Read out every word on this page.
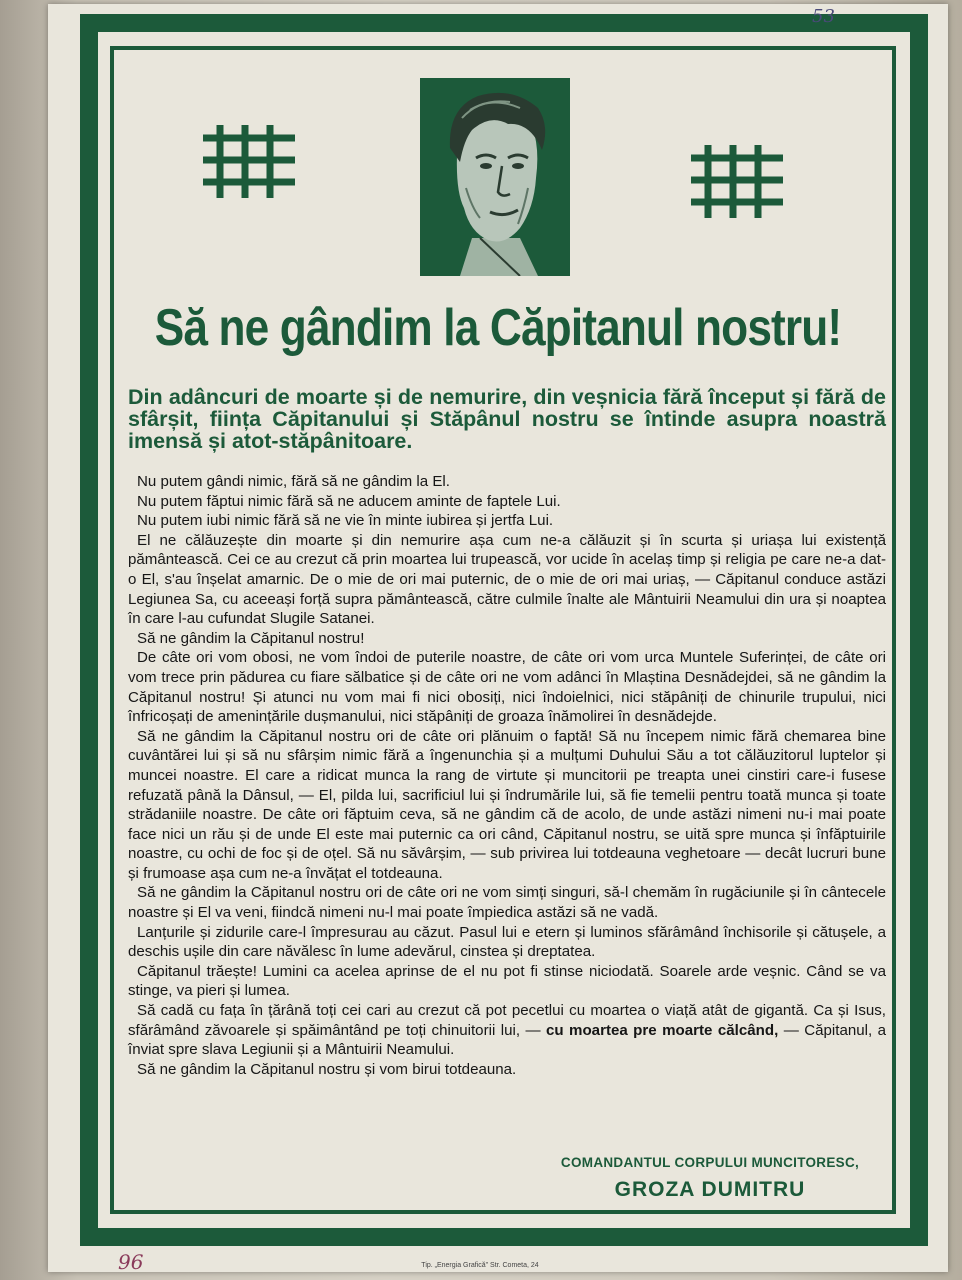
53
Să ne gândim la Căpitanul nostru!
Din adâncuri de moarte și de nemurire, din veșnicia fără început și fără de sfârșit, ființa Căpitanului și Stăpânul nostru se întinde asupra noastră imensă și atot-stăpânitoare.

Nu putem gândi nimic, fără să ne gândim la El.

Nu putem făptui nimic fără să ne aducem aminte de faptele Lui.

Nu putem iubi nimic fără să ne vie în minte iubirea și jertfa Lui.

El ne călăuzește din moarte și din nemurire așa cum ne-a călăuzit și în scurta și uriașa lui existență pământească. Cei ce au crezut că prin moartea lui trupească, vor ucide în acelaș timp și religia pe care ne-a dat-o El, s'au înșelat amarnic. De o mie de ori mai puternic, de o mie de ori mai uriaș, — Căpitanul conduce astăzi Legiunea Sa, cu aceeași forță supra pământească, către culmile înalte ale Mântuirii Neamului din ura și noaptea în care l-au cufundat Slugile Satanei.

Să ne gândim la Căpitanul nostru!

De câte ori vom obosi, ne vom îndoi de puterile noastre, de câte ori vom urca Muntele Suferinței, de câte ori vom trece prin pădurea cu fiare sălbatice și de câte ori ne vom adânci în Mlaștina Desnădejdei, să ne gândim la Căpitanul nostru! Și atunci nu vom mai fi nici obosiți, nici îndoielnici, nici stăpâniți de chinurile trupului, nici înfricoșați de amenințările dușmanului, nici stăpâniți de groaza înămolirei în desnădejde.

Să ne gândim la Căpitanul nostru ori de câte ori plănuim o faptă! Să nu începem nimic fără chemarea bine cuvântărei lui și să nu sfârșim nimic fără a îngenunchia și a mulțumi Duhului Său a tot călăuzitorul luptelor și muncei noastre. El care a ridicat munca la rang de virtute și muncitorii pe treapta unei cinstiri care-i fusese refuzată până la Dânsul, — El, pilda lui, sacrificiul lui și îndrumările lui, să fie temelii pentru toată munca și toate strădaniile noastre. De câte ori făptuim ceva, să ne gândim că de acolo, de unde astăzi nimeni nu-i mai poate face nici un rău și de unde El este mai puternic ca ori când, Căpitanul nostru, se uită spre munca și înfăptuirile noastre, cu ochi de foc și de oțel. Să nu săvârșim, — sub privirea lui totdeauna veghetoare — decât lucruri bune și frumoase așa cum ne-a învățat el totdeauna.

Să ne gândim la Căpitanul nostru ori de câte ori ne vom simți singuri, să-l chemăm în rugăciunile și în cântecele noastre și El va veni, fiindcă nimeni nu-l mai poate împiedica astăzi să ne vadă.

Lanțurile și zidurile care-l împresurau au căzut. Pasul lui e etern și luminos sfărâmând închisorile și cătușele, a deschis ușile din care năvălesc în lume adevărul, cinstea și dreptatea.

Căpitanul trăește! Lumini ca acelea aprinse de el nu pot fi stinse niciodată. Soarele arde veșnic. Când se va stinge, va pieri și lumea.

Să cadă cu fața în țărână toți cei cari au crezut că pot pecetlui cu moartea o viață atât de gigantă. Ca și Isus, sfărâmând zăvoarele și spăimântând pe toți chinuitorii lui, — cu moartea pre moarte călcând, — Căpitanul, a înviat spre slava Legiunii și a Mântuirii Neamului.

Să ne gândim la Căpitanul nostru și vom birui totdeauna.

COMANDANTUL CORPULUI MUNCITORESC,
GROZA DUMITRU
Tip. „Energia Grafică" Str. Cometa, 24
96
